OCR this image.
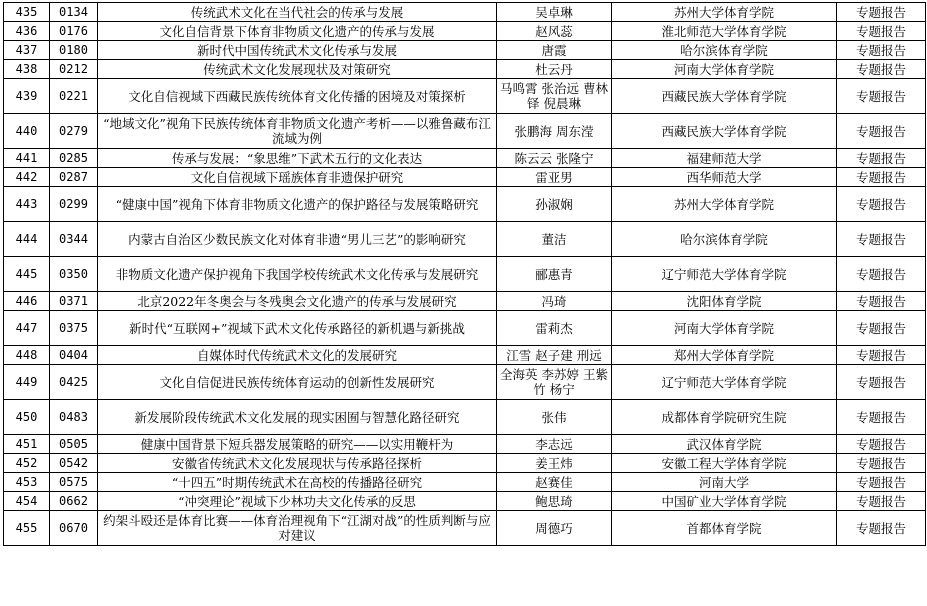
435	0134	传统武术文化在当代社会的传承与发展	吴卓琳	苏州大学体育学院	专题报告
436	0176	文化自信背景下体育非物质文化遗产的传承与发展	赵风蕊	淮北师范大学体育学院	专题报告
437	0180	新时代中国传统武术文化传承与发展	唐霞	哈尔滨体育学院	专题报告
438	0212	传统武术文化发展现状及对策研究	杜云丹	河南大学体育学院	专题报告
439	0221	文化自信视域下西藏民族传统体育文化传播的困境及对策探析	马鸣霄 张治远 曹林铎 倪晨琳	西藏民族大学体育学院	专题报告
440	0279	“地域文化”视角下民族传统体育非物质文化遗产考析——以雅鲁藏布江流域为例	张鹏海 周东滢	西藏民族大学体育学院	专题报告
441	0285	传承与发展：“象思维”下武术五行的文化表达	陈云云 张隆宁	福建师范大学	专题报告
442	0287	文化自信视域下瑶族体育非遗保护研究	雷亚男	西华师范大学	专题报告
443	0299	“健康中国”视角下体育非物质文化遗产的保护路径与发展策略研究	孙淑娴	苏州大学体育学院	专题报告
444	0344	内蒙古自治区少数民族文化对体育非遗“男儿三艺”的影响研究	董洁	哈尔滨体育学院	专题报告
445	0350	非物质文化遗产保护视角下我国学校传统武术文化传承与发展研究	郦惠青	辽宁师范大学体育学院	专题报告
446	0371	北京2022年冬奥会与冬残奥会文化遗产的传承与发展研究	冯琦	沈阳体育学院	专题报告
447	0375	新时代“互联网+”视域下武术文化传承路径的新机遇与新挑战	雷莉杰	河南大学体育学院	专题报告
448	0404	自媒体时代传统武术文化的发展研究	江雪 赵子建 刑远	郑州大学体育学院	专题报告
449	0425	文化自信促进民族传统体育运动的创新性发展研究	全海英 李苏婷 王紫竹 杨宁	辽宁师范大学体育学院	专题报告
450	0483	新发展阶段传统武术文化发展的现实困囿与智慧化路径研究	张伟	成都体育学院研究生院	专题报告
451	0505	健康中国背景下短兵器发展策略的研究——以实用鞭杆为	李志远	武汉体育学院	专题报告
452	0542	安徽省传统武术文化发展现状与传承路径探析	姜王炜	安徽工程大学体育学院	专题报告
453	0575	“十四五”时期传统武术在高校的传播路径研究	赵赛佳	河南大学	专题报告
454	0662	“冲突理论”视域下少林功夫文化传承的反思	鲍思琦	中国矿业大学体育学院	专题报告
455	0670	约架斗殴还是体育比赛——体育治理视角下“江湖对战”的性质判断与应对建议	周德巧	首都体育学院	专题报告
